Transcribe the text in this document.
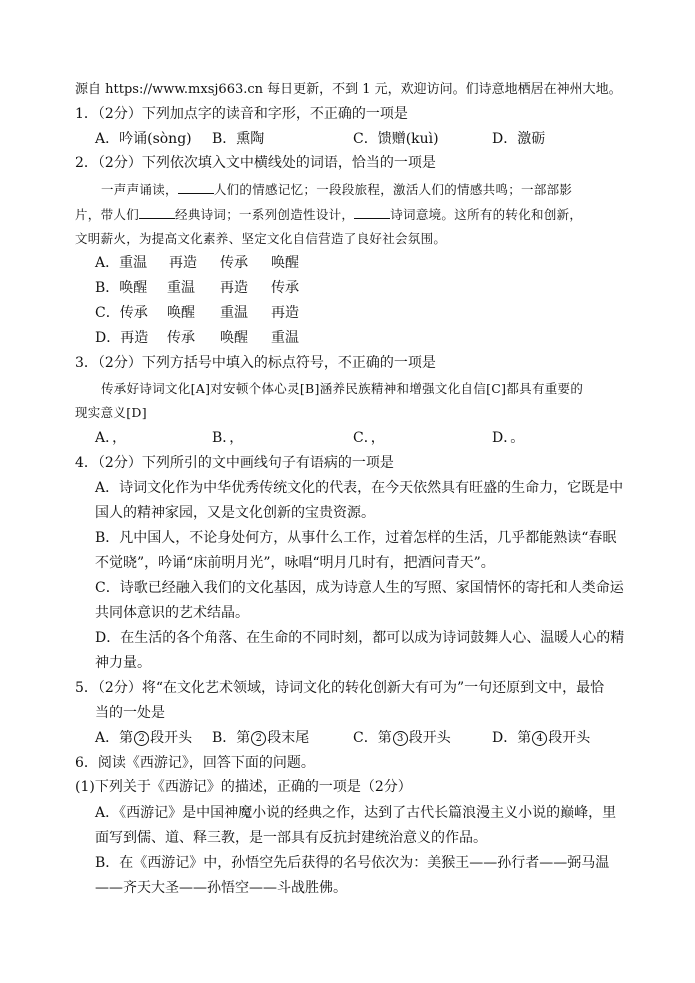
源自 https://www.mxsj663.cn 每日更新，不到 1 元，欢迎访问。们诗意地栖居在神州大地。
1．（2分）下列加点字的读音和字形，不正确的一项是
A．吟诵(sòng) B．熏陶	C．馈赠(kuì)	D．激砺
2．（2分）下列依次填入文中横线处的词语，恰当的一项是
一声声诵读，	人们的情感记忆；一段段旅程，激活人们的情感共鸣；一部部影
片，带人们	经典诗词；一系列创造性设计，	诗词意境。这所有的转化和创新，
文明薪火，为提高文化素养、坚定文化自信营造了良好社会氛围。
A．重温 再造 传承 唤醒
B．唤醒 重温 再造 传承
C．传承 唤醒 重温 再造
D．再造 传承 唤醒 重温
3．（2分）下列方括号中填入的标点符号，不正确的一项是
传承好诗词文化[A]对安顿个体心灵[B]涵养民族精神和增强文化自信[C]都具有重要的
现实意义[D]
A．，	B．，	C．，	D．。
4．（2分）下列所引的文中画线句子有语病的一项是
A．诗词文化作为中华优秀传统文化的代表，在今天依然具有旺盛的生命力，它既是中
国人的精神家园，又是文化创新的宝贵资源。
B．凡中国人，不论身处何方，从事什么工作，过着怎样的生活，几乎都能熟读“春眠
不觉晓”，吟诵“床前明月光”，咏唱“明月几时有，把酒问青天”。
C．诗歌已经融入我们的文化基因，成为诗意人生的写照、家国情怀的寄托和人类命运
共同体意识的艺术结晶。
D．在生活的各个角落、在生命的不同时刻，都可以成为诗词鼓舞人心、温暖人心的精
神力量。
5．（2分）将“在文化艺术领域，诗词文化的转化创新大有可为”一句还原到文中，最恰
当的一处是
A．第 2 段开头 B．第 2 段末尾	C．第 3 段开头	D．第 4 段开头
6．阅读《西游记》，回答下面的问题。
(1)下列关于《西游记》的描述，正确的一项是（2分）
A．《西游记》是中国神魔小说的经典之作，达到了古代长篇浪漫主义小说的巅峰，里
面写到儒、道、释三教，是一部具有反抗封建统治意义的作品。
B．在《西游记》中，孙悟空先后获得的名号依次为：美猴王——孙行者——弼马温
——齐天大圣——孙悟空——斗战胜佛。
